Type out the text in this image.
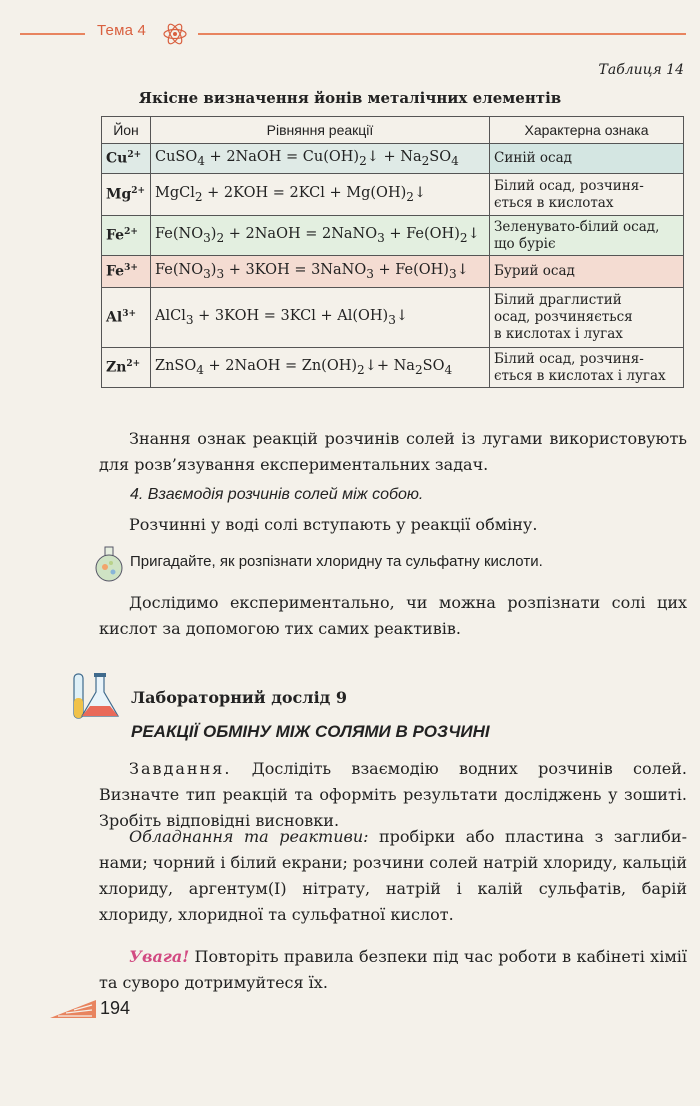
Тема 4
Таблиця 14
Якісне визначення йонів металічних елементів
Йон	Рівняння реакції	Характерна ознака
$Cu^{2+}$	CuSO$_4$ + 2NaOH = $Cu(OH)_2↓ + Na_2SO_4$	Синій осад
$Mg^{2+}$	MgCl$_2$ + $2KOH = 2KCl + Mg(OH)_2↓$	Білий осад, розчиня-
ється в кислотах
$Fe^{2+}$	$Fe(NO_3)_2$ + 2NaOH = 2NaNO$_3$ + $Fe(OH)_2↓$	Зеленувато-білий осад,
що буріє
$Fe^{3+}$	$Fe(NO_3)_3 + 3KOH$ = 3NaNO$_3$ + $Fe(OH)_3↓$	Бурий осад
$Al^{3+}$	AlCl$_3$ + $3KOH = 3KCl + Al(OH)_3↓$	Білий драглистий
осад, розчиняється
в кислотах і лугах
$Zn^{2+}$	ZnSO$_4$ + 2NaOH = $Zn(OH)_2↓+ Na_2SO_4$	Білий осад, розчиня-
ється в кислотах і лугах
Знання ознак реакцій розчинів солей із лугами використовують для розв’язування експериментальних задач.
4. Взаємодія розчинів солей між собою.
Розчинні у воді солі вступають у реакції обміну.
Пригадайте, як розпізнати хлоридну та сульфатну кислоти.
Дослідимо експериментально, чи можна розпізнати солі цих кислот за допомогою тих самих реактивів.
Лабораторний дослід 9
РЕАКЦІЇ ОБМІНУ МІЖ СОЛЯМИ В РОЗЧИНІ
Завдання. Дослідіть взаємодію водних розчинів солей. Визначте тип реакцій та оформіть результати досліджень у зошиті. Зробіть відповідні висновки.
Обладнання та реактиви: пробірки або пластина з заглибинами; чорний і білий екрани; розчини солей натрій хлориду, кальцій хлориду, аргентум(I) нітрату, натрій і калій сульфатів, барій хлориду, хлоридної та сульфатної кислот.
Увага! Повторіть правила безпеки під час роботи в кабінеті хімії та суворо дотримуйтеся їх.
194
